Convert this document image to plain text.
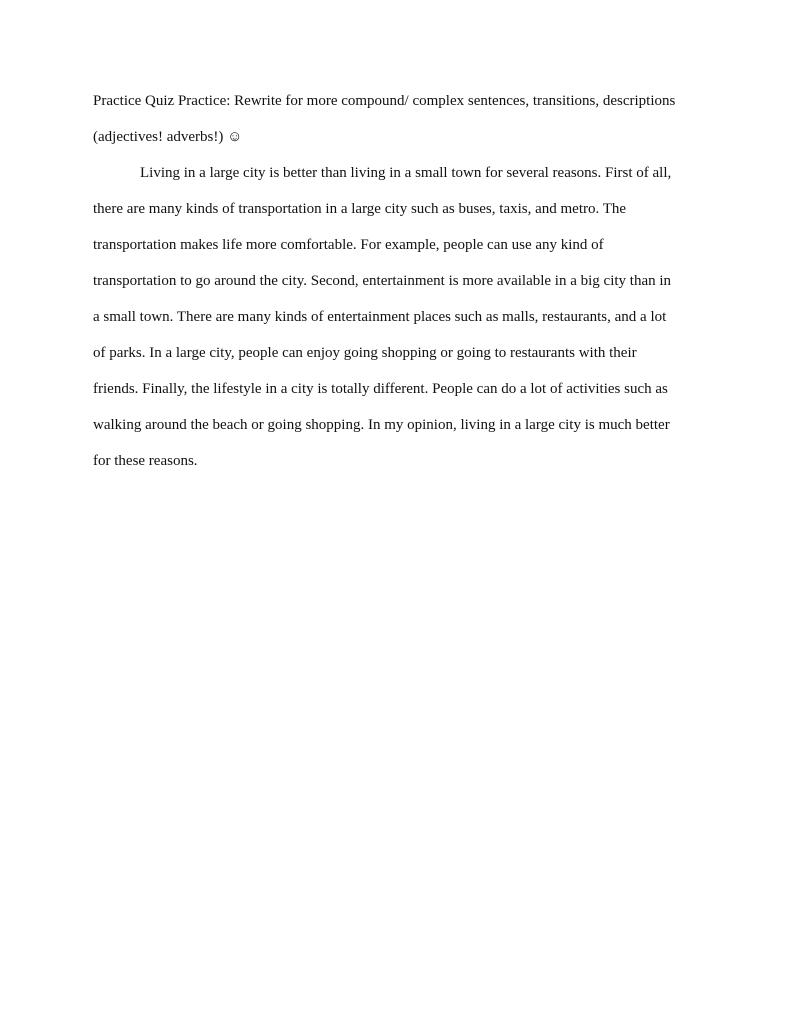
Practice Quiz Practice: Rewrite for more compound/ complex sentences, transitions, descriptions

(adjectives! adverbs!) ☺

Living in a large city is better than living in a small town for several reasons. First of all,
there are many kinds of transportation in a large city such as buses, taxis, and metro. The
transportation makes life more comfortable. For example, people can use any kind of
transportation to go around the city. Second, entertainment is more available in a big city than in
a small town. There are many kinds of entertainment places such as malls, restaurants, and a lot
of parks. In a large city, people can enjoy going shopping or going to restaurants with their
friends. Finally, the lifestyle in a city is totally different. People can do a lot of activities such as
walking around the beach or going shopping. In my opinion, living in a large city is much better
for these reasons.
